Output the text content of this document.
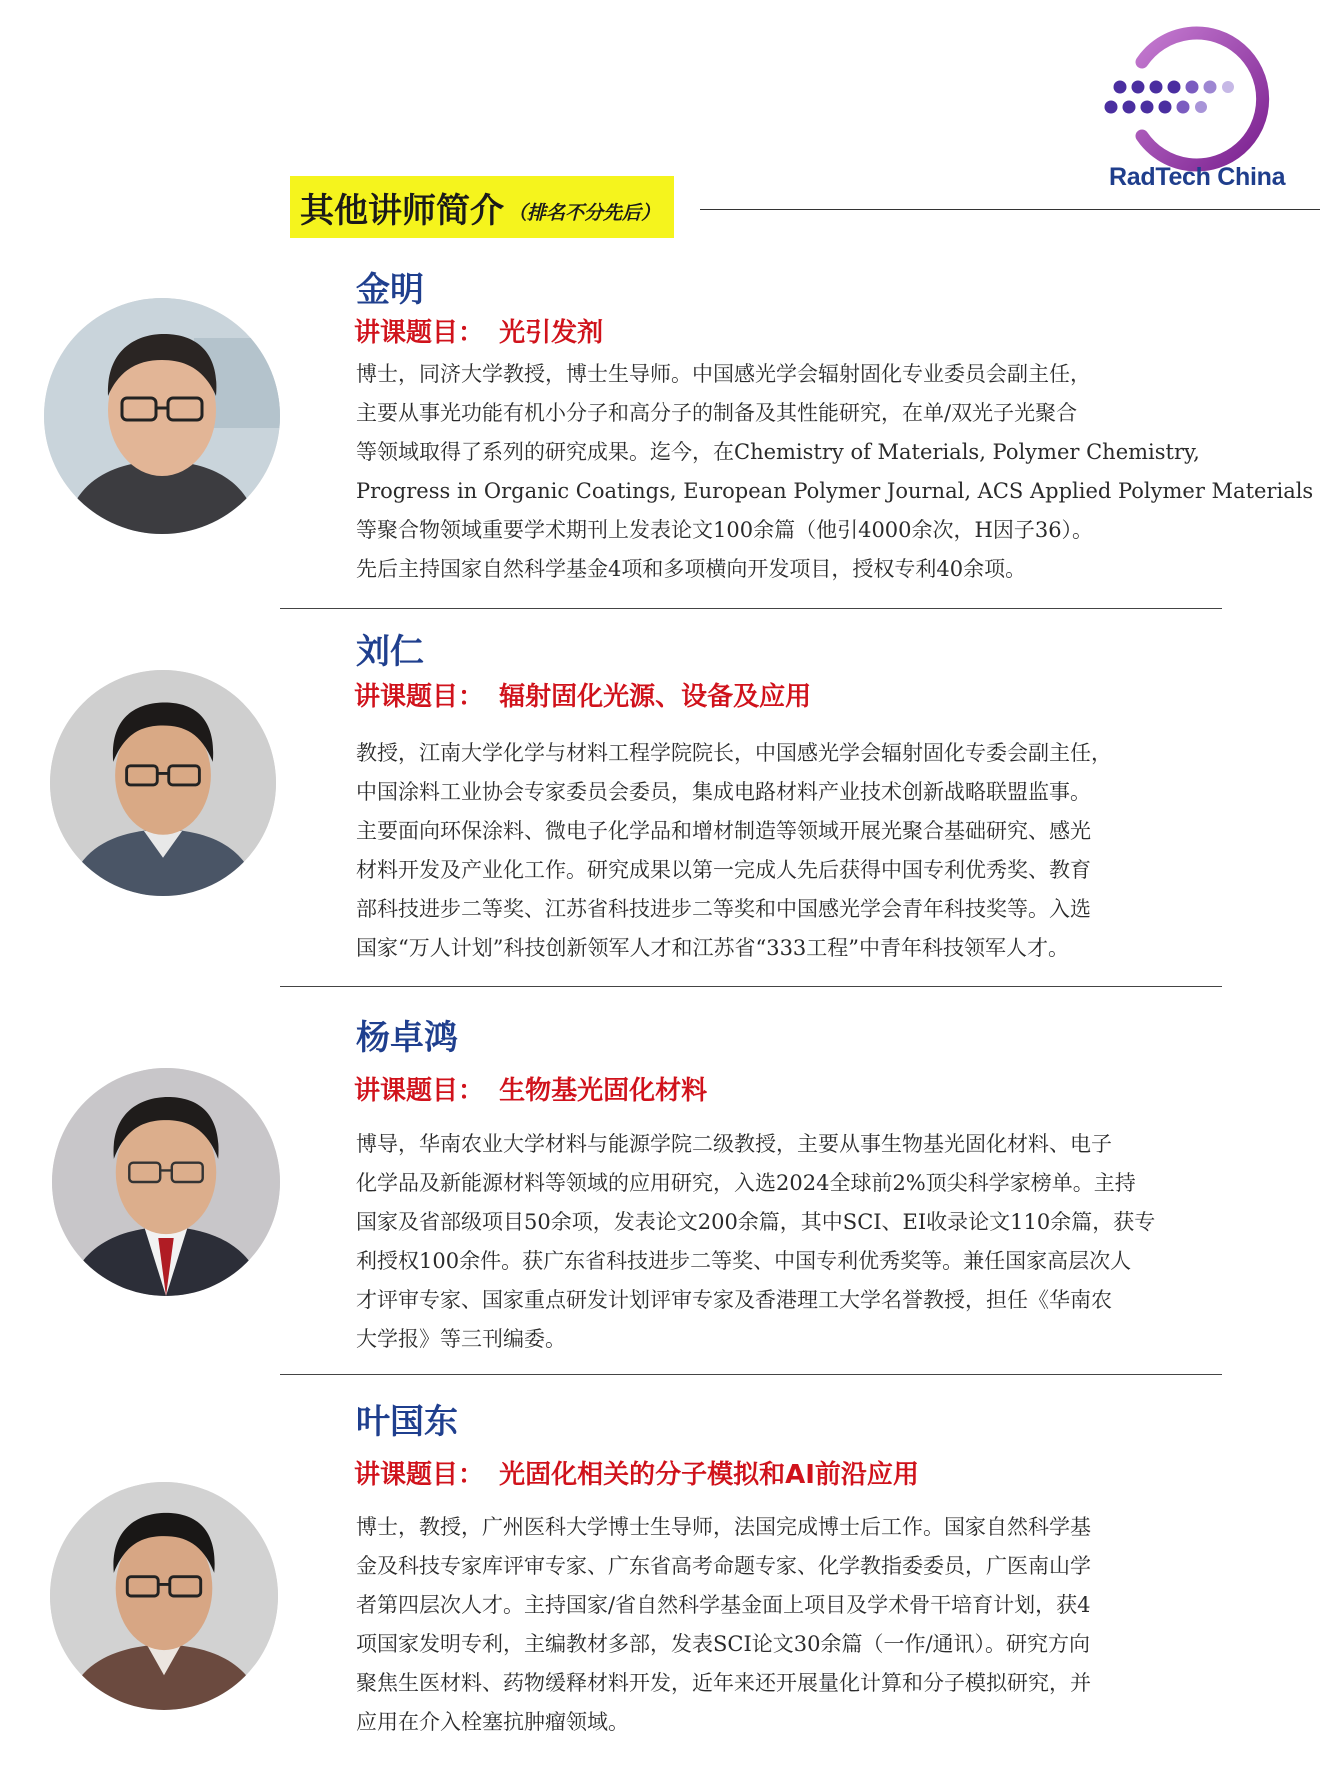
RadTech China
其他讲师简介 （排名不分先后）
金明
讲课题目： 光引发剂
博士，同济大学教授，博士生导师。中国感光学会辐射固化专业委员会副主任，
主要从事光功能有机小分子和高分子的制备及其性能研究，在单/双光子光聚合
等领域取得了系列的研究成果。迄今，在Chemistry of Materials, Polymer Chemistry,
Progress in Organic Coatings, European Polymer Journal, ACS Applied Polymer Materials
等聚合物领域重要学术期刊上发表论文100余篇（他引4000余次，H因子36）。
先后主持国家自然科学基金4项和多项横向开发项目，授权专利40余项。
刘仁
讲课题目： 辐射固化光源、设备及应用
教授，江南大学化学与材料工程学院院长，中国感光学会辐射固化专委会副主任，
中国涂料工业协会专家委员会委员，集成电路材料产业技术创新战略联盟监事。
主要面向环保涂料、微电子化学品和增材制造等领域开展光聚合基础研究、感光
材料开发及产业化工作。研究成果以第一完成人先后获得中国专利优秀奖、教育
部科技进步二等奖、江苏省科技进步二等奖和中国感光学会青年科技奖等。入选
国家“万人计划”科技创新领军人才和江苏省“333工程”中青年科技领军人才。
杨卓鸿
讲课题目： 生物基光固化材料
博导，华南农业大学材料与能源学院二级教授，主要从事生物基光固化材料、电子
化学品及新能源材料等领域的应用研究，入选2024全球前2%顶尖科学家榜单。主持
国家及省部级项目50余项，发表论文200余篇，其中SCI、EI收录论文110余篇，获专
利授权100余件。获广东省科技进步二等奖、中国专利优秀奖等。兼任国家高层次人
才评审专家、国家重点研发计划评审专家及香港理工大学名誉教授，担任《华南农
大学报》等三刊编委。
叶国东
讲课题目： 光固化相关的分子模拟和AI前沿应用
博士，教授，广州医科大学博士生导师，法国完成博士后工作。国家自然科学基
金及科技专家库评审专家、广东省高考命题专家、化学教指委委员，广医南山学
者第四层次人才。主持国家/省自然科学基金面上项目及学术骨干培育计划，获4
项国家发明专利，主编教材多部，发表SCI论文30余篇（一作/通讯）。研究方向
聚焦生医材料、药物缓释材料开发，近年来还开展量化计算和分子模拟研究，并
应用在介入栓塞抗肿瘤领域。
